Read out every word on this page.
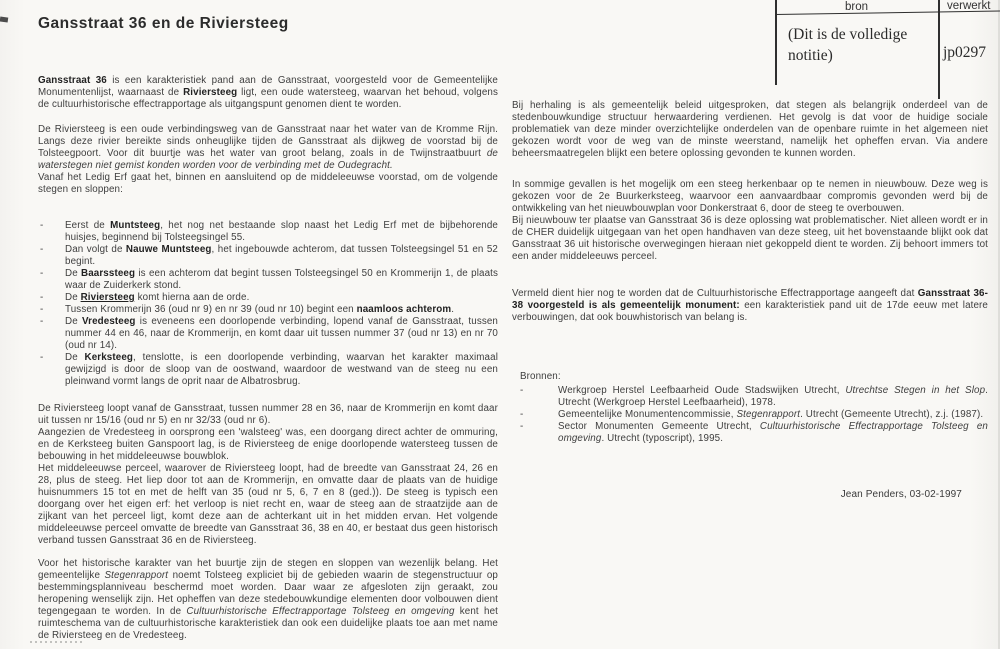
Gansstraat 36 en de Riviersteeg
bron	verwerkt
(Dit is de volledige notitie)	jp0297
Gansstraat 36 is een karakteristiek pand aan de Gansstraat, voorgesteld voor de Gemeentelijke Monumentenlijst, waarnaast de Riviersteeg ligt, een oude watersteeg, waarvan het behoud, volgens de cultuurhistorische effectrapportage als uitgangspunt genomen dient te worden.
De Riviersteeg is een oude verbindingsweg van de Gansstraat naar het water van de Kromme Rijn. Langs deze rivier bereikte sinds onheuglijke tijden de Gansstraat als dijkweg de voorstad bij de Tolsteegpoort. Voor dit buurtje was het water van groot belang, zoals in de Twijnstraatbuurt de waterstegen niet gemist konden worden voor de verbinding met de Oudegracht.
Vanaf het Ledig Erf gaat het, binnen en aansluitend op de middeleeuwse voorstad, om de volgende stegen en sloppen:
- Eerst de Muntsteeg, het nog net bestaande slop naast het Ledig Erf met de bijbehorende huisjes, beginnend bij Tolsteegsingel 55.
- Dan volgt de Nauwe Muntsteeg, het ingebouwde achterom, dat tussen Tolsteegsingel 51 en 52 begint.
- De Baarssteeg is een achterom dat begint tussen Tolsteegsingel 50 en Krommerijn 1, de plaats waar de Zuiderkerk stond.
- De Riviersteeg komt hierna aan de orde.
- Tussen Krommerijn 36 (oud nr 9) en nr 39 (oud nr 10) begint een naamloos achterom.
- De Vredesteeg is eveneens een doorlopende verbinding, lopend vanaf de Gansstraat, tussen nummer 44 en 46, naar de Krommerijn, en komt daar uit tussen nummer 37 (oud nr 13) en nr 70 (oud nr 14).
- De Kerksteeg, tenslotte, is een doorlopende verbinding, waarvan het karakter maximaal gewijzigd is door de sloop van de oostwand, waardoor de westwand van de steeg nu een pleinwand vormt langs de oprit naar de Albatrosbrug.
De Riviersteeg loopt vanaf de Gansstraat, tussen nummer 28 en 36, naar de Krommerijn en komt daar uit tussen nr 15/16 (oud nr 5) en nr 32/33 (oud nr 6).
Aangezien de Vredesteeg in oorsprong een 'walsteeg' was, een doorgang direct achter de ommuring, en de Kerksteeg buiten Ganspoort lag, is de Riviersteeg de enige doorlopende watersteeg tussen de bebouwing in het middeleeuwse bouwblok.
Het middeleeuwse perceel, waarover de Riviersteeg loopt, had de breedte van Gansstraat 24, 26 en 28, plus de steeg. Het liep door tot aan de Krommerijn, en omvatte daar de plaats van de huidige huisnummers 15 tot en met de helft van 35 (oud nr 5, 6, 7 en 8 (ged.)). De steeg is typisch een doorgang over het eigen erf: het verloop is niet recht en, waar de steeg aan de straatzijde aan de zijkant van het perceel ligt, komt deze aan de achterkant uit in het midden ervan. Het volgende middeleeuwse perceel omvatte de breedte van Gansstraat 36, 38 en 40, er bestaat dus geen historisch verband tussen Gansstraat 36 en de Riviersteeg.
Voor het historische karakter van het buurtje zijn de stegen en sloppen van wezenlijk belang. Het gemeentelijke Stegenrapport noemt Tolsteeg expliciet bij de gebieden waarin de stegenstructuur op bestemmingsplanniveau beschermd moet worden. Daar waar ze afgesloten zijn geraakt, zou heropening wenselijk zijn. Het opheffen van deze stedebouwkundige elementen door volbouwen dient tegengegaan te worden. In de Cultuurhistorische Effectrapportage Tolsteeg en omgeving kent het ruimteschema van de cultuurhistorische karakteristiek dan ook een duidelijke plaats toe aan met name de Riviersteeg en de Vredesteeg.
Bij herhaling is als gemeentelijk beleid uitgesproken, dat stegen als belangrijk onderdeel van de stedenbouwkundige structuur herwaardering verdienen. Het gevolg is dat voor de huidige sociale problematiek van deze minder overzichtelijke onderdelen van de openbare ruimte in het algemeen niet gekozen wordt voor de weg van de minste weerstand, namelijk het opheffen ervan. Via andere beheersmaatregelen blijkt een betere oplossing gevonden te kunnen worden.
In sommige gevallen is het mogelijk om een steeg herkenbaar op te nemen in nieuwbouw. Deze weg is gekozen voor de 2e Buurkerksteeg, waarvoor een aanvaardbaar compromis gevonden werd bij de ontwikkeling van het nieuwbouwplan voor Donkerstraat 6, door de steeg te overbouwen.
Bij nieuwbouw ter plaatse van Gansstraat 36 is deze oplossing wat problematischer. Niet alleen wordt er in de CHER duidelijk uitgegaan van het open handhaven van deze steeg, uit het bovenstaande blijkt ook dat Gansstraat 36 uit historische overwegingen hieraan niet gekoppeld dient te worden. Zij behoort immers tot een ander middeleeuws perceel.
Vermeld dient hier nog te worden dat de Cultuurhistorische Effectrapportage aangeeft dat Gansstraat 36-38 voorgesteld is als gemeentelijk monument: een karakteristiek pand uit de 17de eeuw met latere verbouwingen, dat ook bouwhistorisch van belang is.
Bronnen:
-	Werkgroep Herstel Leefbaarheid Oude Stadswijken Utrecht, Utrechtse Stegen in het Slop. Utrecht (Werkgroep Herstel Leefbaarheid), 1978.
-	Gemeentelijke Monumentencommissie, Stegenrapport. Utrecht (Gemeente Utrecht), z.j. (1987).
-	Sector Monumenten Gemeente Utrecht, Cultuurhistorische Effectrapportage Tolsteeg en omgeving. Utrecht (typoscript), 1995.
Jean Penders, 03-02-1997
